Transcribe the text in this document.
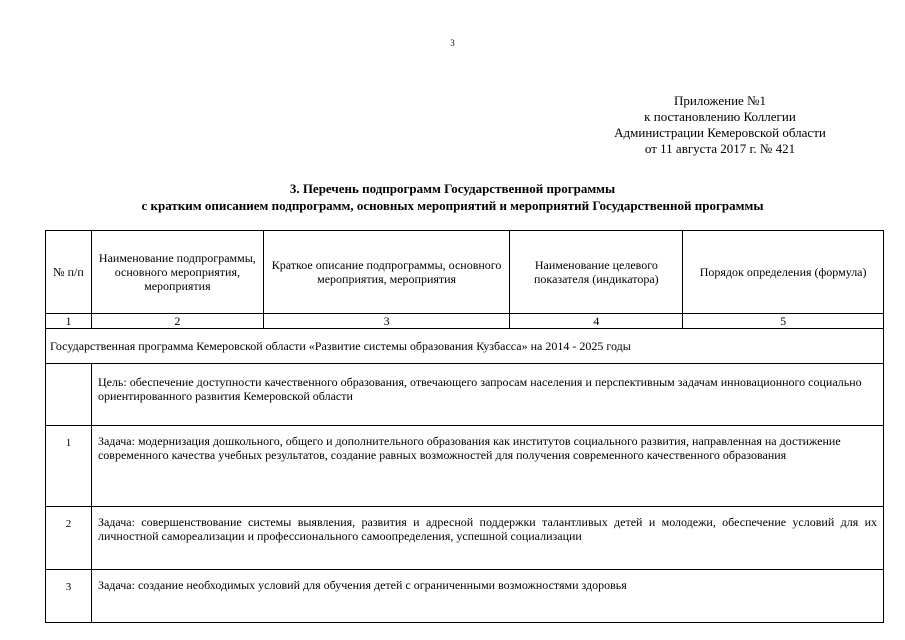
3
Приложение №1
к постановлению Коллегии
Администрации Кемеровской области
от 11 августа 2017 г. № 421
3. Перечень подпрограмм Государственной программы
с кратким описанием подпрограмм, основных мероприятий и мероприятий Государственной программы
№ п/п	Наименование подпрограммы, основного мероприятия, мероприятия	Краткое описание подпрограммы, основного мероприятия, мероприятия	Наименование целевого показателя (индикатора)	Порядок определения (формула)
1	2	3	4	5
Государственная программа Кемеровской области «Развитие системы образования Кузбасса» на 2014 - 2025 годы				
	Цель: обеспечение доступности качественного образования, отвечающего запросам населения и перспективным задачам инновационного социально ориентированного развития Кемеровской области			
1	Задача: модернизация дошкольного, общего и дополнительного образования как институтов социального развития, направленная на достижение современного качества учебных результатов, создание равных возможностей для получения современного качественного образования			
2	Задача: совершенствование системы выявления, развития и адресной поддержки талантливых детей и молодежи, обеспечение условий для их личностной самореализации и профессионального самоопределения, успешной социализации			
3	Задача: создание необходимых условий для обучения детей с ограниченными возможностями здоровья			
